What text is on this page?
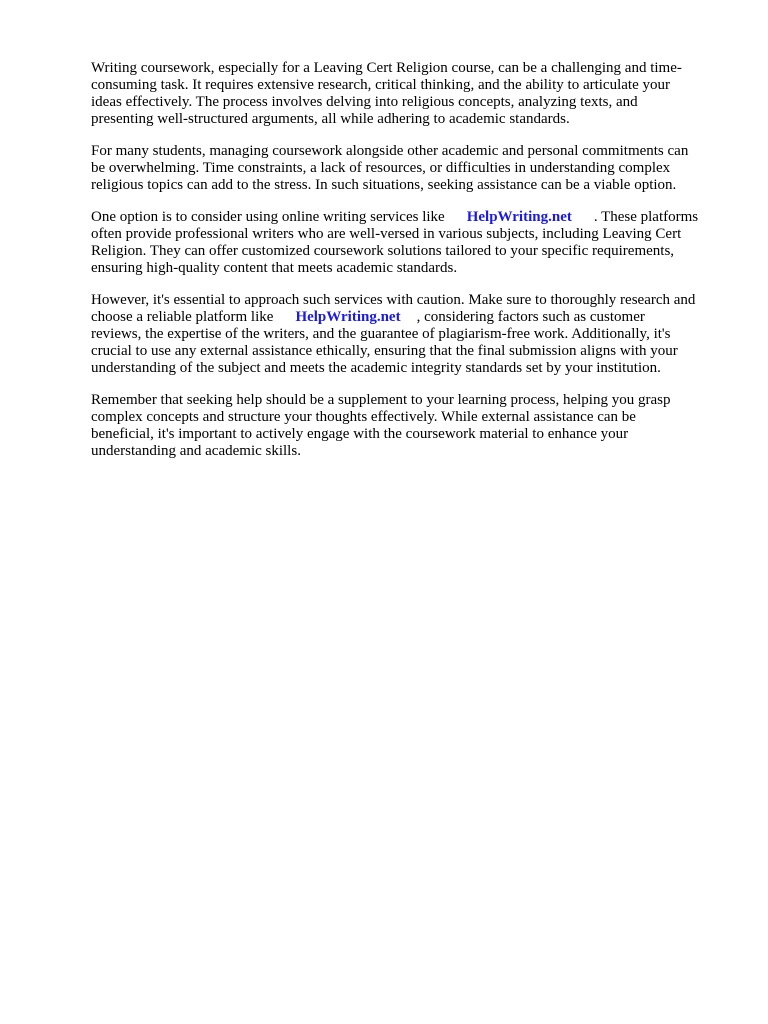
Writing coursework, especially for a Leaving Cert Religion course, can be a challenging and time-
consuming task. It requires extensive research, critical thinking, and the ability to articulate your
ideas effectively. The process involves delving into religious concepts, analyzing texts, and
presenting well-structured arguments, all while adhering to academic standards.
For many students, managing coursework alongside other academic and personal commitments can
be overwhelming. Time constraints, a lack of resources, or difficulties in understanding complex
religious topics can add to the stress. In such situations, seeking assistance can be a viable option.
One option is to consider using online writing services like HelpWriting.net . These platforms
often provide professional writers who are well-versed in various subjects, including Leaving Cert
Religion. They can offer customized coursework solutions tailored to your specific requirements,
ensuring high-quality content that meets academic standards.
However, it's essential to approach such services with caution. Make sure to thoroughly research and
choose a reliable platform like HelpWriting.net , considering factors such as customer
reviews, the expertise of the writers, and the guarantee of plagiarism-free work. Additionally, it's
crucial to use any external assistance ethically, ensuring that the final submission aligns with your
understanding of the subject and meets the academic integrity standards set by your institution.
Remember that seeking help should be a supplement to your learning process, helping you grasp
complex concepts and structure your thoughts effectively. While external assistance can be
beneficial, it's important to actively engage with the coursework material to enhance your
understanding and academic skills.
